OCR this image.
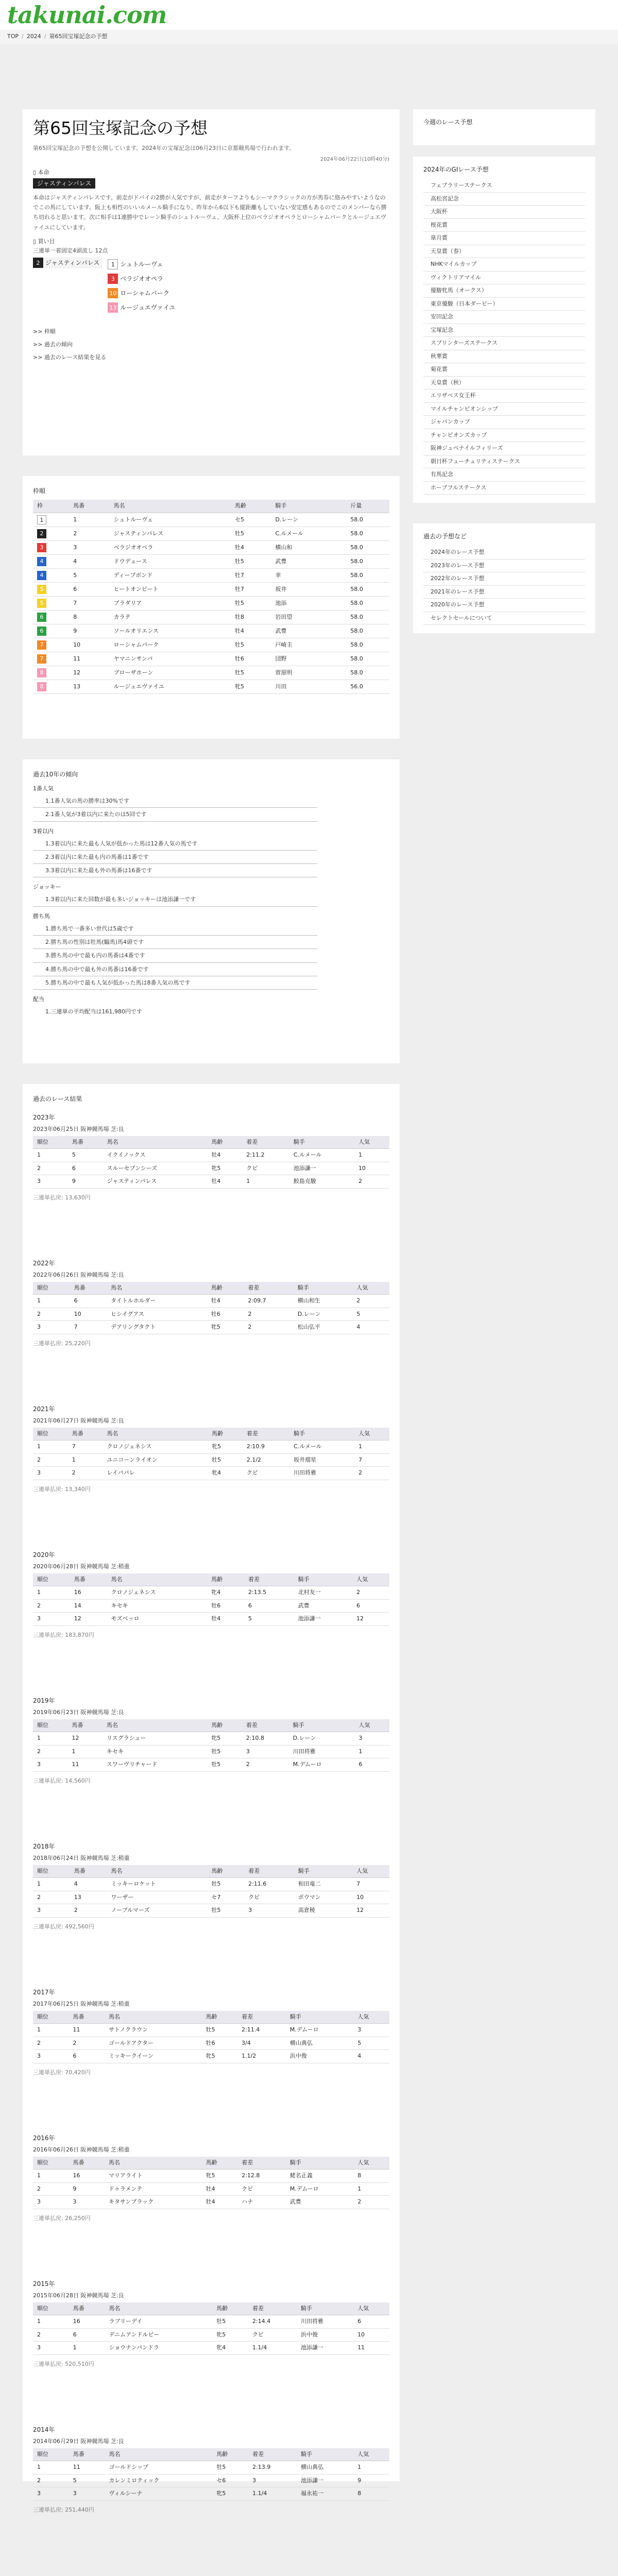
takunai.com
TOP / 2024 / 第65回宝塚記念の予想
第65回宝塚記念の予想
第65回宝塚記念の予想を公開しています。2024年の宝塚記念は06月23日に京都競馬場で行われます。
2024年06月22日(10時40分)
▯ 本命
ジャスティンパレス
本命はジャスティンパレスです。前走がドバイの2勝が人気ですが、前走がターフよりもシーマクラシックの方が馬券に絡みやすいようなのでこの馬にしています。阪上も相性のいいルメール騎手になり、昨年から6以下も縦距離もしていない安定感もあるのでこのメンバーなら勝ち切れると思います。次に相手は1連勝中でレーン騎手のシュトルーヴェ、大阪杯上位のベラジオオペラとローシャムパークとルージュエヴァイユにしています。
▯ 買い目
三連単一着固定4頭流し 12点
2 ジャスティンパレス	1 シュトルーヴェ
3 ベラジオオペラ
10 ローシャムパーク
13 ルージュエヴァイユ
>> 枠順
>> 過去の傾向
>> 過去のレース結果を見る
枠順
枠	馬番	馬名	馬齢	騎手	斤量
1	1	シュトルーヴェ	セ5	D.レーン	58.0
2	2	ジャスティンパレス	牡5	C.ルメール	58.0
3	3	ベラジオオペラ	牡4	横山和	58.0
4	4	ドウデュース	牡5	武豊	58.0
4	5	ディープボンド	牡7	幸	58.0
5	6	ヒートオンビート	牡7	坂井	58.0
5	7	ブラダリア	牡5	池添	58.0
6	8	カラテ	牡8	岩田望	58.0
6	9	ソールオリエンス	牡4	武豊	58.0
7	10	ローシャムパーク	牡5	戸崎圭	58.0
7	11	ヤマニンサンパ	牡6	団野	58.0
8	12	ブローザホーン	牡5	菅原明	58.0
8	13	ルージュエヴァイユ	牝5	川田	56.0
過去10年の傾向
1番人気
1.1番人気の馬の勝率は30%です
2.1番人気が3着以内に来たのは5回です
3着以内
1.3着以内に来た最も人気が低かった馬は12番人気の馬です
2.3着以内に来た最も内の馬番は1番です
3.3着以内に来た最も外の馬番は16番です
ジョッキー
1.3着以内に来た回数が最も多いジョッキーは池添謙一です
勝ち馬
1.勝ち馬で一番多い世代は5歳です
2.勝ち馬の性別は牡馬(騸馬)馬4頭です
3.勝ち馬の中で最も内の馬番は4番です
4.勝ち馬の中で最も外の馬番は16番です
5.勝ち馬の中で最も人気が低かった馬は8番人気の馬です
配当
1.三連単の平均配当は161,980円です
過去のレース結果
2023年
2023年06月25日 阪神競馬場 芝:良
順位	馬番	馬名	馬齢	着差	騎手	人気
1	5	イクイノックス	牡4	2:11.2	C.ルメール	1
2	6	スルーセブンシーズ	牝5	クビ	池添謙一	10
3	9	ジャスティンパレス	牡4	1	鮫島克駿	2
三連単払戻: 13,630円
2022年
2022年06月26日 阪神競馬場 芝:良
順位	馬番	馬名	馬齢	着差	騎手	人気
1	6	タイトルホルダー	牡4	2:09.7	横山和生	2
2	10	ヒシイグアス	牡6	2	D.レーン	5
3	7	デアリングタクト	牝5	2	松山弘平	4
三連単払戻: 25,220円
2021年
2021年06月27日 阪神競馬場 芝:良
順位	馬番	馬名	馬齢	着差	騎手	人気
1	7	クロノジェネシス	牝5	2:10.9	C.ルメール	1
2	1	ユニコーンライオン	牡5	2.1/2	坂井瑠星	7
3	2	レイパパレ	牝4	クビ	川田将雅	2
三連単払戻: 13,340円
2020年
2020年06月28日 阪神競馬場 芝:稍重
順位	馬番	馬名	馬齢	着差	騎手	人気
1	16	クロノジェネシス	牝4	2:13.5	北村友一	2
2	14	キセキ	牡6	6	武豊	6
3	12	モズベッロ	牡4	5	池添謙一	12
三連単払戻: 183,870円
2019年
2019年06月23日 阪神競馬場 芝:良
順位	馬番	馬名	馬齢	着差	騎手	人気
1	12	リスグラシュー	牝5	2:10.8	D.レーン	3
2	1	キセキ	牡5	3	川田将雅	1
3	11	スワーヴリチャード	牡5	2	M.デムーロ	6
三連単払戻: 14,560円
2018年
2018年06月24日 阪神競馬場 芝:稍重
順位	馬番	馬名	馬齢	着差	騎手	人気
1	4	ミッキーロケット	牡5	2:11.6	和田竜二	7
2	13	ワーザー	セ7	クビ	ボウマン	10
3	2	ノーブルマーズ	牡5	3	高倉稜	12
三連単払戻: 492,560円
2017年
2017年06月25日 阪神競馬場 芝:稍重
順位	馬番	馬名	馬齢	着差	騎手	人気
1	11	サトノクラウン	牡5	2:11.4	M.デムーロ	3
2	2	ゴールドアクター	牡6	3/4	横山典弘	5
3	6	ミッキークイーン	牝5	1.1/2	浜中俊	4
三連単払戻: 70,420円
2016年
2016年06月26日 阪神競馬場 芝:稍重
順位	馬番	馬名	馬齢	着差	騎手	人気
1	16	マリアライト	牝5	2:12.8	蛯名正義	8
2	9	ドゥラメンテ	牡4	クビ	M.デムーロ	1
3	3	キタサンブラック	牡4	ハナ	武豊	2
三連単払戻: 26,250円
2015年
2015年06月28日 阪神競馬場 芝:良
順位	馬番	馬名	馬齢	着差	騎手	人気
1	16	ラブリーデイ	牡5	2:14.4	川田将雅	6
2	6	デニムアンドルビー	牝5	クビ	浜中俊	10
3	1	ショウナンパンドラ	牝4	1.1/4	池添謙一	11
三連単払戻: 520,510円
2014年
2014年06月29日 阪神競馬場 芝:良
順位	馬番	馬名	馬齢	着差	騎手	人気
1	11	ゴールドシップ	牡5	2:13.9	横山典弘	1
2	5	カレンミロティック	セ6	3	池添謙一	9
3	3	ヴィルシーナ	牝5	1.1/4	福永祐一	8
三連単払戻: 251,440円
今週のレース予想
2024年のGIレース予想
フェブラリーステークス
高松宮記念
大阪杯
桜花賞
皐月賞
天皇賞（春）
NHKマイルカップ
ヴィクトリアマイル
優駿牝馬（オークス）
東京優駿（日本ダービー）
安田記念
宝塚記念
スプリンターズステークス
秋華賞
菊花賞
天皇賞（秋）
エリザベス女王杯
マイルチャンピオンシップ
ジャパンカップ
チャンピオンズカップ
阪神ジュベナイルフィリーズ
朝日杯フューチュリティステークス
有馬記念
ホープフルステークス
過去の予想など
2024年のレース予想
2023年のレース予想
2022年のレース予想
2021年のレース予想
2020年のレース予想
セレクトセールについて
